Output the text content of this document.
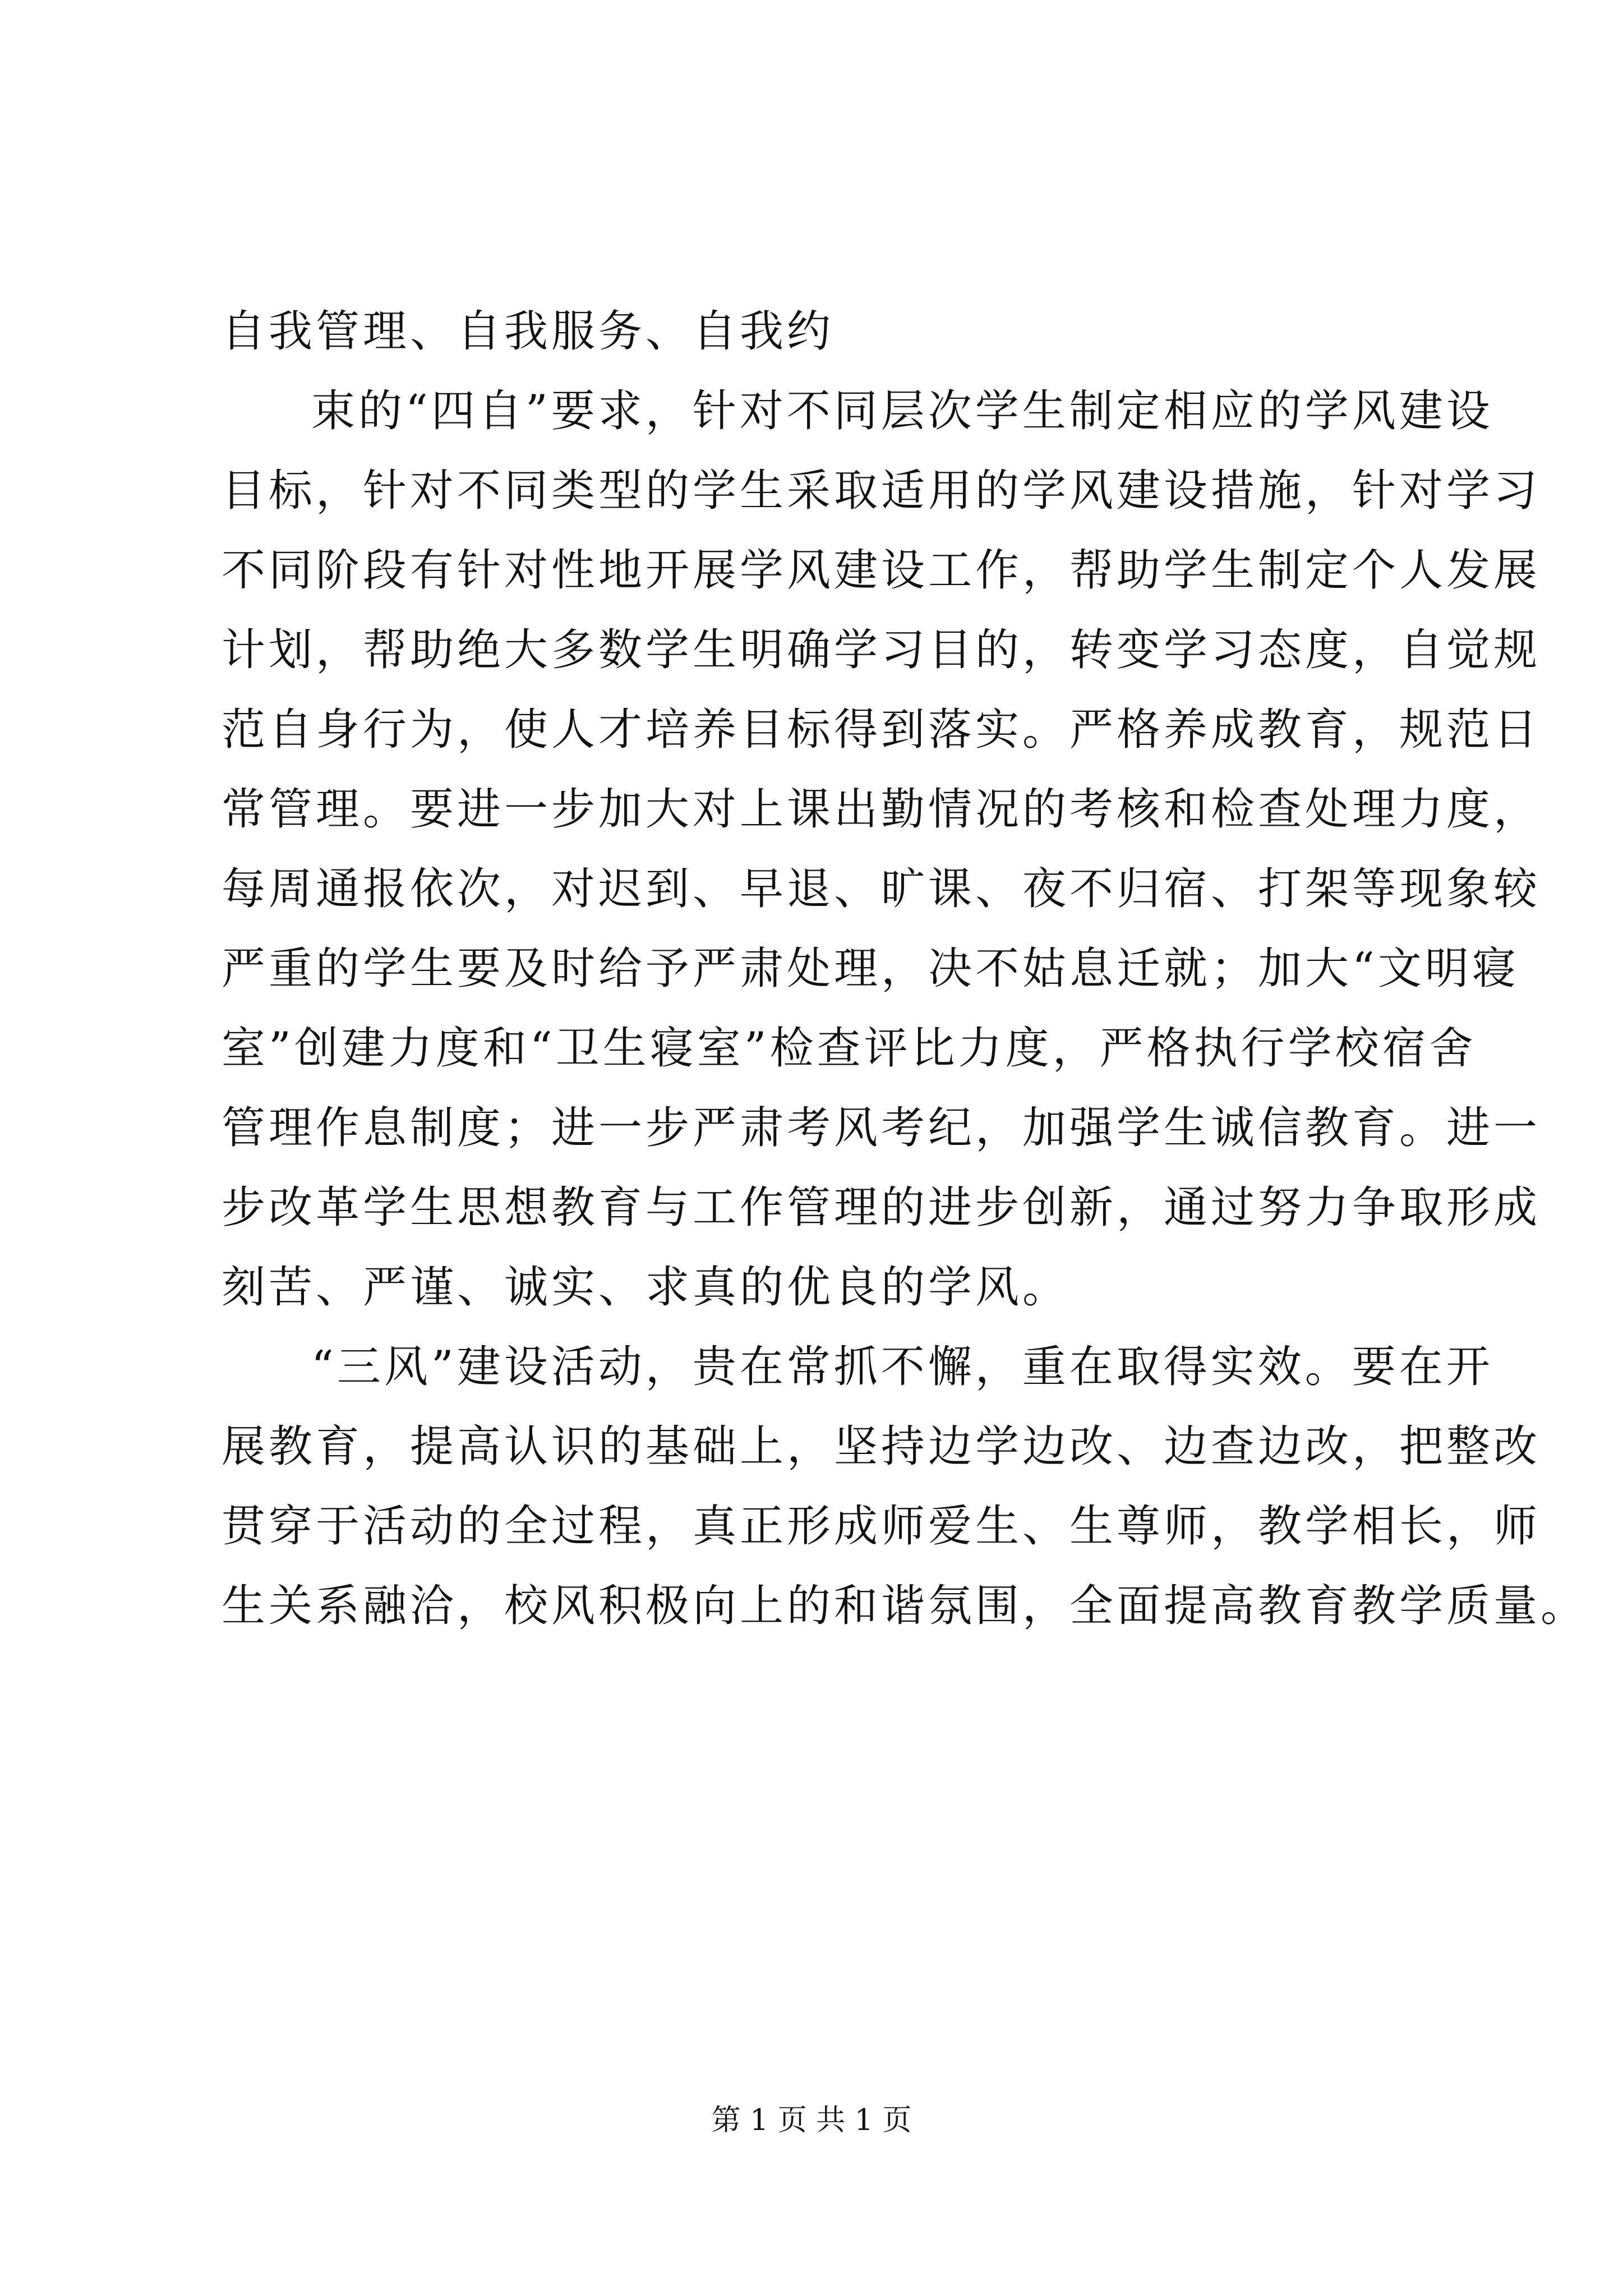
自我管理、自我服务、自我约
束的“四自”要求，针对不同层次学生制定相应的学风建设
目标，针对不同类型的学生采取适用的学风建设措施，针对学习
不同阶段有针对性地开展学风建设工作，帮助学生制定个人发展
计划，帮助绝大多数学生明确学习目的，转变学习态度，自觉规
范自身行为，使人才培养目标得到落实。严格养成教育，规范日
常管理。要进一步加大对上课出勤情况的考核和检查处理力度，
每周通报依次，对迟到、早退、旷课、夜不归宿、打架等现象较
严重的学生要及时给予严肃处理，决不姑息迁就；加大“文明寝
室”创建力度和“卫生寝室”检查评比力度，严格执行学校宿舍
管理作息制度；进一步严肃考风考纪，加强学生诚信教育。进一
步改革学生思想教育与工作管理的进步创新，通过努力争取形成
刻苦、严谨、诚实、求真的优良的学风。
“三风”建设活动，贵在常抓不懈，重在取得实效。要在开
展教育，提高认识的基础上，坚持边学边改、边查边改，把整改
贯穿于活动的全过程，真正形成师爱生、生尊师，教学相长，师
生关系融洽，校风积极向上的和谐氛围，全面提高教育教学质量。
第 1 页 共 1 页
